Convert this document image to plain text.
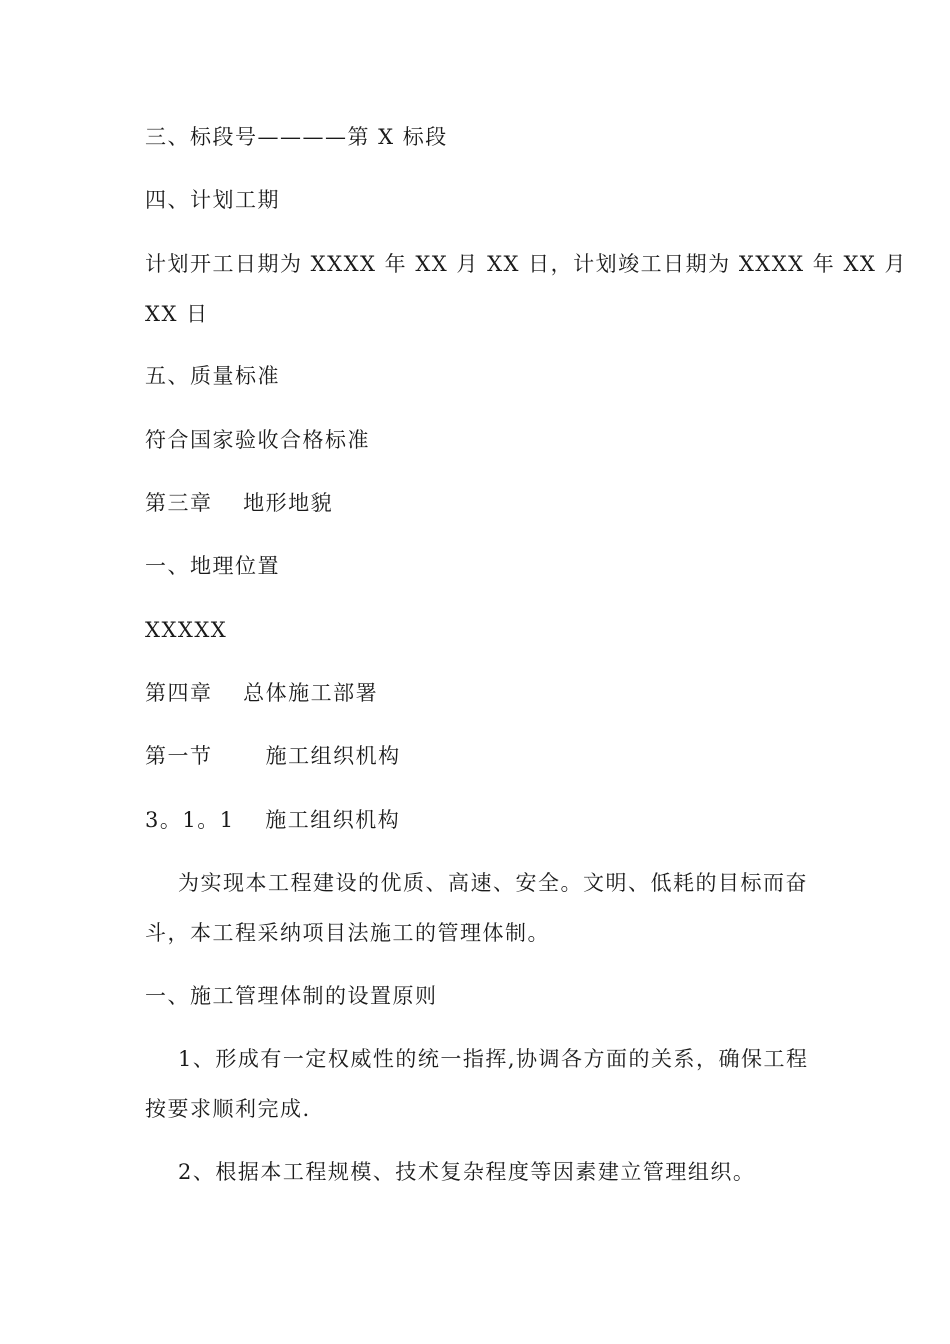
三、标段号————第 X 标段
四、计划工期
计划开工日期为 XXXX 年 XX 月 XX 日，计划竣工日期为 XXXX 年 XX 月
XX 日
五、质量标准
符合国家验收合格标准
第三章　 地形地貌
一、地理位置
XXXXX
第四章　 总体施工部署
第一节　　 施工组织机构
3。1。1　 施工组织机构
为实现本工程建设的优质、高速、安全。文明、低耗的目标而奋
斗，本工程采纳项目法施工的管理体制。
一、施工管理体制的设置原则
1、形成有一定权威性的统一指挥,协调各方面的关系，确保工程
按要求顺利完成.
2、根据本工程规模、技术复杂程度等因素建立管理组织。
